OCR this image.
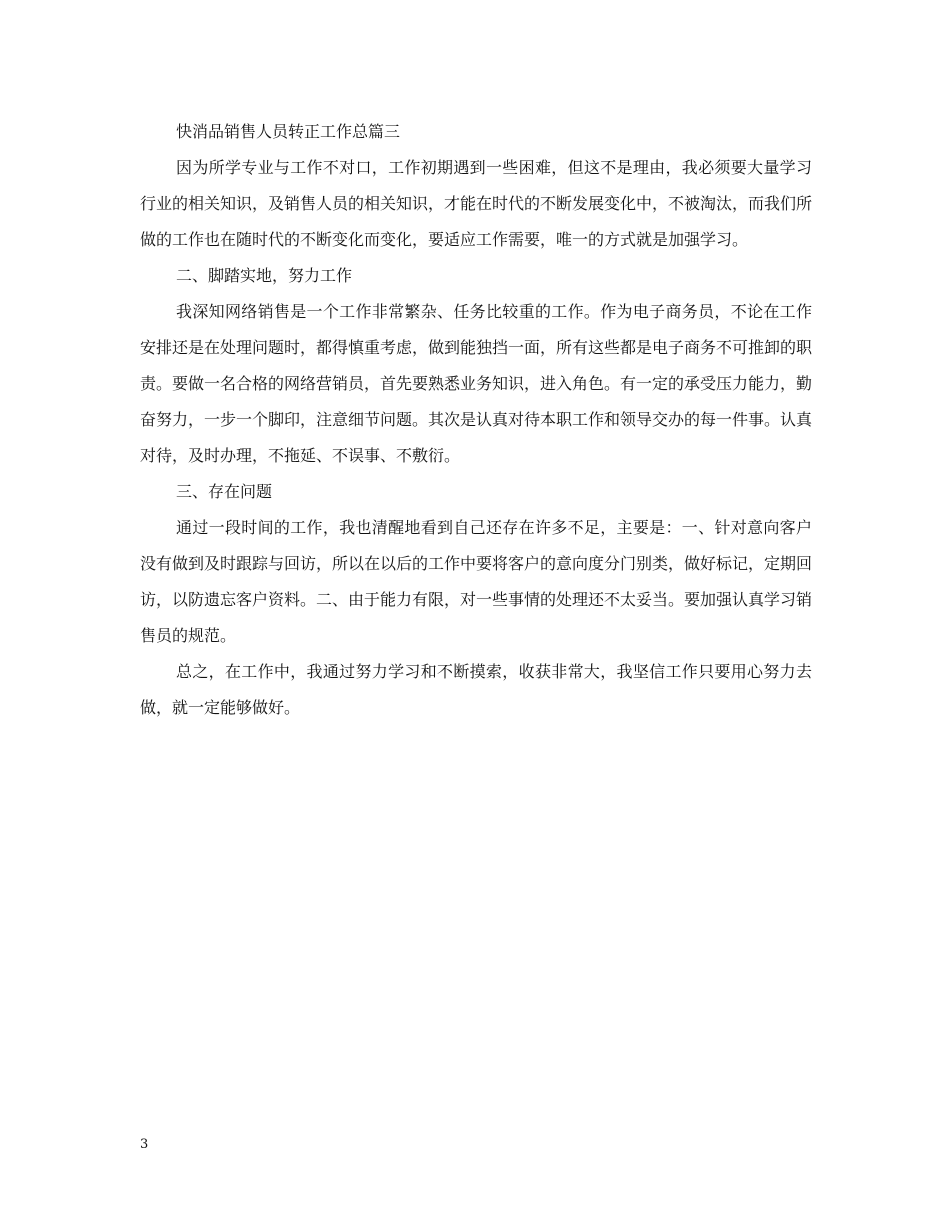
快消品销售人员转正工作总篇三

因为所学专业与工作不对口，工作初期遇到一些困难，但这不是理由，我必须要大量学习行业的相关知识，及销售人员的相关知识，才能在时代的不断发展变化中，不被淘汰，而我们所做的工作也在随时代的不断变化而变化，要适应工作需要，唯一的方式就是加强学习。

二、脚踏实地，努力工作

我深知网络销售是一个工作非常繁杂、任务比较重的工作。作为电子商务员，不论在工作安排还是在处理问题时，都得慎重考虑，做到能独挡一面，所有这些都是电子商务不可推卸的职责。要做一名合格的网络营销员，首先要熟悉业务知识，进入角色。有一定的承受压力能力，勤奋努力，一步一个脚印，注意细节问题。其次是认真对待本职工作和领导交办的每一件事。认真对待，及时办理，不拖延、不误事、不敷衍。

三、存在问题

通过一段时间的工作，我也清醒地看到自己还存在许多不足，主要是：一、针对意向客户没有做到及时跟踪与回访，所以在以后的工作中要将客户的意向度分门别类，做好标记，定期回访，以防遗忘客户资料。二、由于能力有限，对一些事情的处理还不太妥当。要加强认真学习销售员的规范。

总之，在工作中，我通过努力学习和不断摸索，收获非常大，我坚信工作只要用心努力去做，就一定能够做好。

3
